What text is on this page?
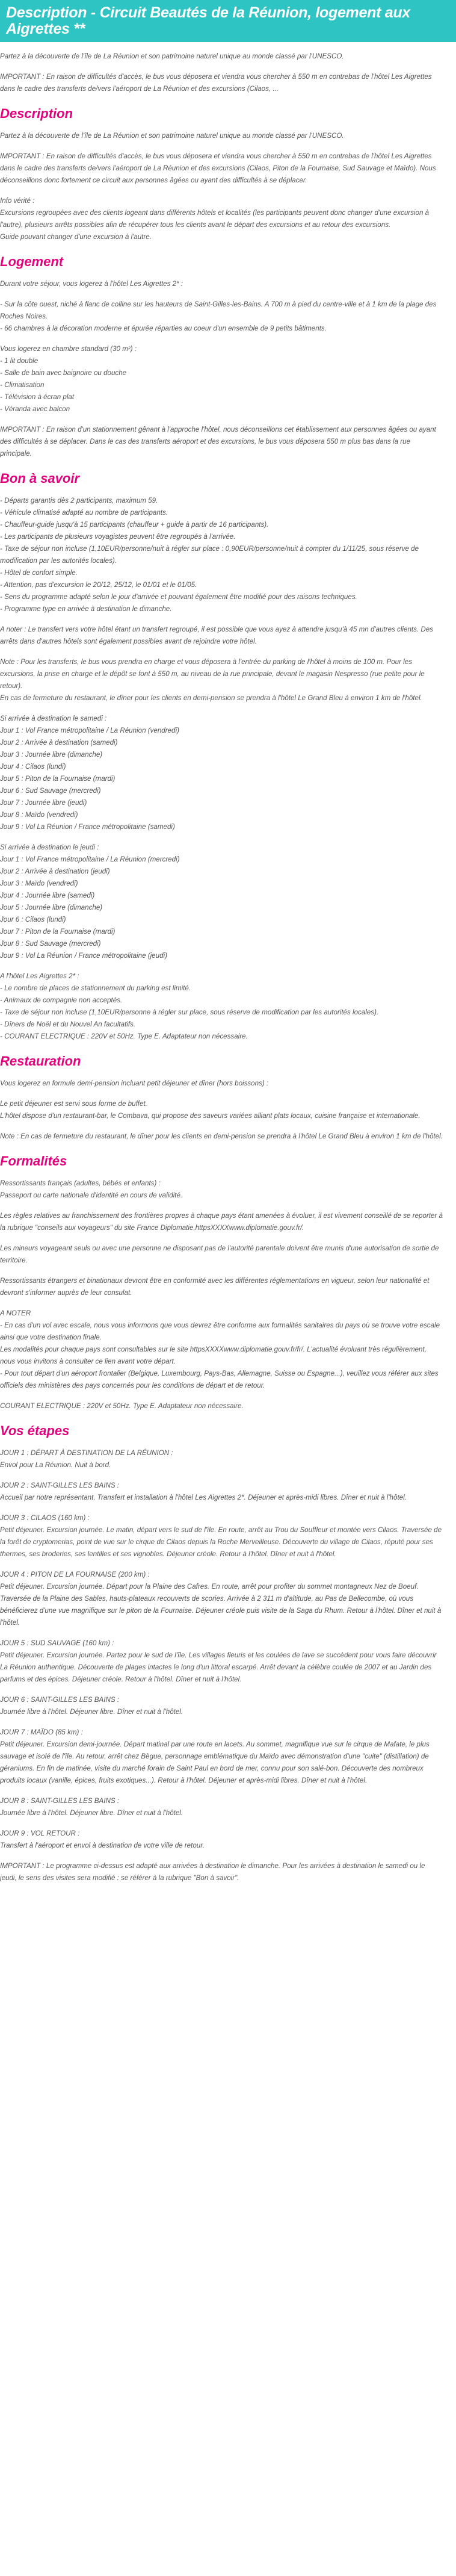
Description - Circuit Beautés de la Réunion, logement aux Aigrettes **

Partez à la découverte de l'île de La Réunion et son patrimoine naturel unique au monde classé par l'UNESCO.

IMPORTANT : En raison de difficultés d'accès, le bus vous déposera et viendra vous chercher à 550 m en contrebas de l'hôtel Les Aigrettes dans le cadre des transferts de/vers l'aéroport de La Réunion et des excursions (Cilaos, ...

Description

Partez à la découverte de l'île de La Réunion et son patrimoine naturel unique au monde classé par l'UNESCO.

IMPORTANT : En raison de difficultés d'accès, le bus vous déposera et viendra vous chercher à 550 m en contrebas de l'hôtel Les Aigrettes dans le cadre des transferts de/vers l'aéroport de La Réunion et des excursions (Cilaos, Piton de la Fournaise, Sud Sauvage et Maïdo). Nous déconseillons donc fortement ce circuit aux personnes âgées ou ayant des difficultés à se déplacer.

Info vérité :
Excursions regroupées avec des clients logeant dans différents hôtels et localités (les participants peuvent donc changer d'une excursion à l'autre), plusieurs arrêts possibles afin de récupérer tous les clients avant le départ des excursions et au retour des excursions.
Guide pouvant changer d'une excursion à l'autre.

Logement

Durant votre séjour, vous logerez à l'hôtel Les Aigrettes 2* :

- Sur la côte ouest, niché à flanc de colline sur les hauteurs de Saint-Gilles-les-Bains. A 700 m à pied du centre-ville et à 1 km de la plage des Roches Noires.
- 66 chambres à la décoration moderne et épurée réparties au coeur d'un ensemble de 9 petits bâtiments.

Vous logerez en chambre standard (30 m²) :
- 1 lit double
- Salle de bain avec baignoire ou douche
- Climatisation
- Télévision à écran plat
- Véranda avec balcon

IMPORTANT : En raison d'un stationnement gênant à l'approche l'hôtel, nous déconseillons cet établissement aux personnes âgées ou ayant des difficultés à se déplacer. Dans le cas des transferts aéroport et des excursions, le bus vous déposera 550 m plus bas dans la rue principale.

Bon à savoir

- Départs garantis dès 2 participants, maximum 59.
- Véhicule climatisé adapté au nombre de participants.
- Chauffeur-guide jusqu'à 15 participants (chauffeur + guide à partir de 16 participants).
- Les participants de plusieurs voyagistes peuvent être regroupés à l'arrivée.
- Taxe de séjour non incluse (1,10EUR/personne/nuit à régler sur place : 0,90EUR/personne/nuit à compter du 1/11/25, sous réserve de modification par les autorités locales).
- Hôtel de confort simple.
- Attention, pas d'excursion le 20/12, 25/12, le 01/01 et le 01/05.
- Sens du programme adapté selon le jour d'arrivée et pouvant également être modifié pour des raisons techniques.
- Programme type en arrivée à destination le dimanche.

A noter : Le transfert vers votre hôtel étant un transfert regroupé, il est possible que vous ayez à attendre jusqu'à 45 mn d'autres clients. Des arrêts dans d'autres hôtels sont également possibles avant de rejoindre votre hôtel.

Note : Pour les transferts, le bus vous prendra en charge et vous déposera à l'entrée du parking de l'hôtel à moins de 100 m. Pour les excursions, la prise en charge et le dépôt se font à 550 m, au niveau de la rue principale, devant le magasin Nespresso (rue petite pour le retour).
En cas de fermeture du restaurant, le dîner pour les clients en demi-pension se prendra à l'hôtel Le Grand Bleu à environ 1 km de l'hôtel.

Si arrivée à destination le samedi :
Jour 1 : Vol France métropolitaine / La Réunion (vendredi)
Jour 2 : Arrivée à destination (samedi)
Jour 3 : Journée libre (dimanche)
Jour 4 : Cilaos (lundi)
Jour 5 : Piton de la Fournaise (mardi)
Jour 6 : Sud Sauvage (mercredi)
Jour 7 : Journée libre (jeudi)
Jour 8 : Maïdo (vendredi)
Jour 9 : Vol La Réunion / France métropolitaine (samedi)

Si arrivée à destination le jeudi :
Jour 1 : Vol France métropolitaine / La Réunion (mercredi)
Jour 2 : Arrivée à destination (jeudi)
Jour 3 : Maïdo (vendredi)
Jour 4 : Journée libre (samedi)
Jour 5 : Journée libre (dimanche)
Jour 6 : Cilaos (lundi)
Jour 7 : Piton de la Fournaise (mardi)
Jour 8 : Sud Sauvage (mercredi)
Jour 9 : Vol La Réunion / France métropolitaine (jeudi)

A l'hôtel Les Aigrettes 2* :
- Le nombre de places de stationnement du parking est limité.
- Animaux de compagnie non acceptés.
- Taxe de séjour non incluse (1,10EUR/personne à régler sur place, sous réserve de modification par les autorités locales).
- Dîners de Noël et du Nouvel An facultatifs.
- COURANT ELECTRIQUE : 220V et 50Hz. Type E. Adaptateur non nécessaire.

Restauration

Vous logerez en formule demi-pension incluant petit déjeuner et dîner (hors boissons) :

Le petit déjeuner est servi sous forme de buffet.
L'hôtel dispose d'un restaurant-bar, le Combava, qui propose des saveurs variées alliant plats locaux, cuisine française et internationale.

Note : En cas de fermeture du restaurant, le dîner pour les clients en demi-pension se prendra à l'hôtel Le Grand Bleu à environ 1 km de l'hôtel.

Formalités

Ressortissants français (adultes, bébés et enfants) :
Passeport ou carte nationale d'identité en cours de validité.

Les règles relatives au franchissement des frontières propres à chaque pays étant amenées à évoluer, il est vivement conseillé de se reporter à la rubrique "conseils aux voyageurs" du site France Diplomatie,httpsXXXXwww.diplomatie.gouv.fr/.

Les mineurs voyageant seuls ou avec une personne ne disposant pas de l'autorité parentale doivent être munis d'une autorisation de sortie de territoire.

Ressortissants étrangers et binationaux devront être en conformité avec les différentes réglementations en vigueur, selon leur nationalité et devront s'informer auprès de leur consulat.

A NOTER
- En cas d'un vol avec escale, nous vous informons que vous devrez être conforme aux formalités sanitaires du pays où se trouve votre escale ainsi que votre destination finale.
Les modalités pour chaque pays sont consultables sur le site httpsXXXXwww.diplomatie.gouv.fr/fr/. L'actualité évoluant très régulièrement, nous vous invitons à consulter ce lien avant votre départ.
- Pour tout départ d'un aéroport frontalier (Belgique, Luxembourg, Pays-Bas, Allemagne, Suisse ou Espagne...), veuillez vous référer aux sites officiels des ministères des pays concernés pour les conditions de départ et de retour.

COURANT ELECTRIQUE : 220V et 50Hz. Type E. Adaptateur non nécessaire.

Vos étapes
JOUR 1 : DÉPART À DESTINATION DE LA RÉUNION :
Envol pour La Réunion. Nuit à bord.
JOUR 2 : SAINT-GILLES LES BAINS :
Accueil par notre représentant. Transfert et installation à l'hôtel Les Aigrettes 2*. Déjeuner et après-midi libres. Dîner et nuit à l'hôtel.
JOUR 3 : CILAOS (160 km) :
Petit déjeuner. Excursion journée. Le matin, départ vers le sud de l'île. En route, arrêt au Trou du Souffleur et montée vers Cilaos. Traversée de la forêt de cryptomerias, point de vue sur le cirque de Cilaos depuis la Roche Merveilleuse. Découverte du village de Cilaos, réputé pour ses thermes, ses broderies, ses lentilles et ses vignobles. Déjeuner créole. Retour à l'hôtel. Dîner et nuit à l'hôtel.
JOUR 4 : PITON DE LA FOURNAISE (200 km) :
Petit déjeuner. Excursion journée. Départ pour la Plaine des Cafres. En route, arrêt pour profiter du sommet montagneux Nez de Boeuf. Traversée de la Plaine des Sables, hauts-plateaux recouverts de scories. Arrivée à 2 311 m d'altitude, au Pas de Bellecombe, où vous bénéficierez d'une vue magnifique sur le piton de la Fournaise. Déjeuner créole puis visite de la Saga du Rhum. Retour à l'hôtel. Dîner et nuit à l'hôtel.
JOUR 5 : SUD SAUVAGE (160 km) :
Petit déjeuner. Excursion journée. Partez pour le sud de l'île. Les villages fleuris et les coulées de lave se succèdent pour vous faire découvrir La Réunion authentique. Découverte de plages intactes le long d'un littoral escarpé. Arrêt devant la célèbre coulée de 2007 et au Jardin des parfums et des épices. Déjeuner créole. Retour à l'hôtel. Dîner et nuit à l'hôtel.
JOUR 6 : SAINT-GILLES LES BAINS :
Journée libre à l'hôtel. Déjeuner libre. Dîner et nuit à l'hôtel.
JOUR 7 : MAÏDO (85 km) :
Petit déjeuner. Excursion demi-journée. Départ matinal par une route en lacets. Au sommet, magnifique vue sur le cirque de Mafate, le plus sauvage et isolé de l'île. Au retour, arrêt chez Bègue, personnage emblématique du Maïdo avec démonstration d'une "cuite" (distillation) de géraniums. En fin de matinée, visite du marché forain de Saint Paul en bord de mer, connu pour son salé-bon. Découverte des nombreux produits locaux (vanille, épices, fruits exotiques...). Retour à l'hôtel. Déjeuner et après-midi libres. Dîner et nuit à l'hôtel.
JOUR 8 : SAINT-GILLES LES BAINS :
Journée libre à l'hôtel. Déjeuner libre. Dîner et nuit à l'hôtel.
JOUR 9 : VOL RETOUR :
Transfert à l'aéroport et envol à destination de votre ville de retour.

IMPORTANT : Le programme ci-dessus est adapté aux arrivées à destination le dimanche. Pour les arrivées à destination le samedi ou le jeudi, le sens des visites sera modifié : se référer à la rubrique "Bon à savoir".
